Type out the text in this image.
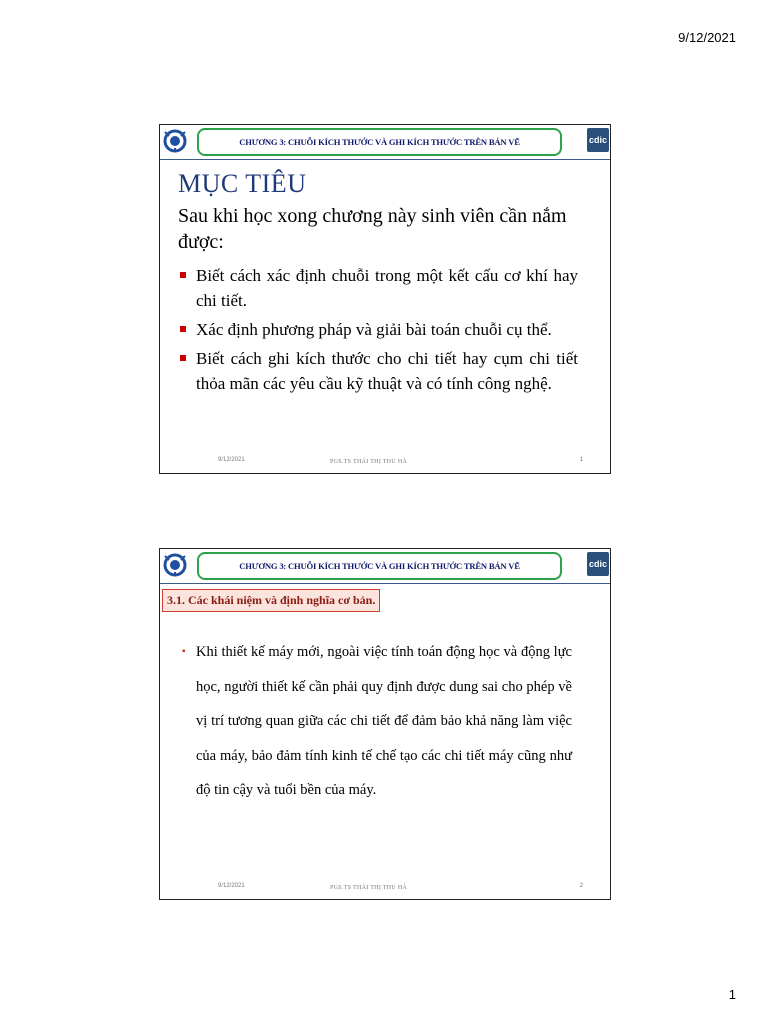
9/12/2021
CHƯƠNG 3: CHUỖI KÍCH THƯỚC VÀ GHI KÍCH THƯỚC TRÊN BẢN VẼ	cdic
MỤC TIÊU
Sau khi học xong chương này sinh viên cần nắm được:
Biết cách xác định chuỗi trong một kết cấu cơ khí hay chi tiết.
Xác định phương pháp và giải bài toán chuỗi cụ thể.
Biết cách ghi kích thước cho chi tiết hay cụm chi tiết thỏa mãn các yêu cầu kỹ thuật và có tính công nghệ.
9/12/2021	PGS.TS THÁI THỊ THU HÀ	1
CHƯƠNG 3: CHUỖI KÍCH THƯỚC VÀ GHI KÍCH THƯỚC TRÊN BẢN VẼ	cdic
3.1. Các khái niệm và định nghĩa cơ bản.
▪ Khi thiết kế máy mới, ngoài việc tính toán động học và động lực học, người thiết kế cần phải quy định được dung sai cho phép về vị trí tương quan giữa các chi tiết để đảm bảo khả năng làm việc của máy, bảo đảm tính kinh tế chế tạo các chi tiết máy cũng như độ tin cậy và tuổi bền của máy.
9/12/2021	PGS.TS THÁI THỊ THU HÀ	2
1
